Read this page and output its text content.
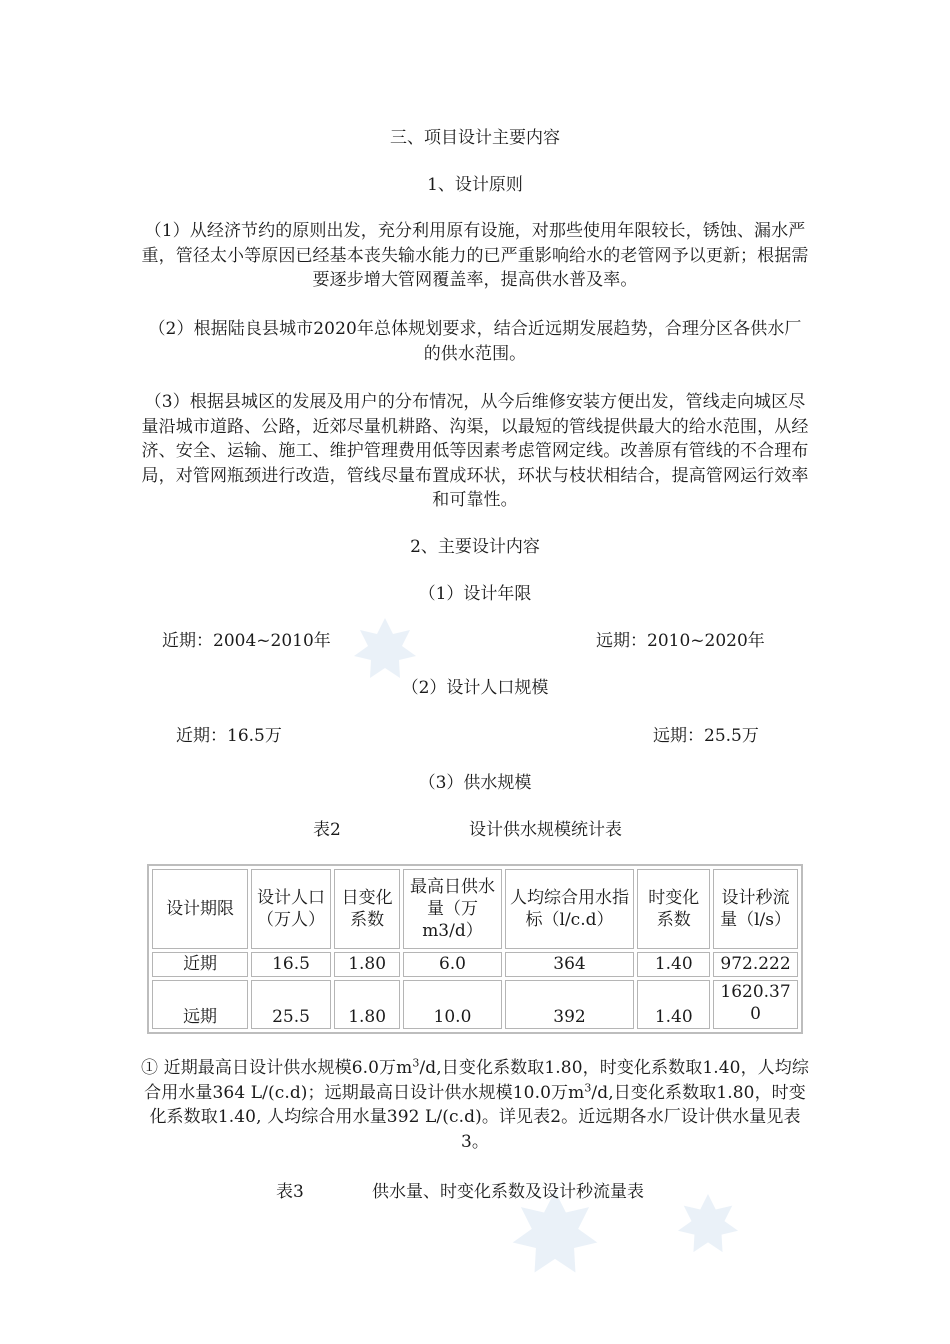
三、项目设计主要内容
1、设计原则
（1）从经济节约的原则出发，充分利用原有设施，对那些使用年限较长，锈蚀、漏水严重，管径太小等原因已经基本丧失输水能力的已严重影响给水的老管网予以更新；根据需要逐步增大管网覆盖率，提高供水普及率。
（2）根据陆良县城市2020年总体规划要求，结合近远期发展趋势，合理分区各供水厂的供水范围。
（3）根据县城区的发展及用户的分布情况，从今后维修安装方便出发，管线走向城区尽量沿城市道路、公路，近郊尽量机耕路、沟渠，以最短的管线提供最大的给水范围，从经济、安全、运输、施工、维护管理费用低等因素考虑管网定线。改善原有管线的不合理布局，对管网瓶颈进行改造，管线尽量布置成环状，环状与枝状相结合，提高管网运行效率和可靠性。
2、主要设计内容
（1）设计年限
近期：2004~2010年	远期：2010~2020年
（2）设计人口规模
近期：16.5万	远期：25.5万
（3）供水规模
表2	设计供水规模统计表
设计期限	设计人口（万人）	日变化系数	最高日供水量（万m3/d）	人均综合用水指标（l/c.d）	时变化系数	设计秒流量（l/s）
近期	16.5	1.80	6.0	364	1.40	972.222
远期	25.5	1.80	10.0	392	1.40	1620.370
① 近期最高日设计供水规模6.0万$m^3/d$,日变化系数取1.80，时变化系数取1.40，人均综合用水量364 L/(c.d)；远期最高日设计供水规模10.0万$m^3/d$,日变化系数取1.80，时变化系数取1.40, 人均综合用水量392 L/(c.d)。详见表2。近远期各水厂设计供水量见表3。
表3	供水量、时变化系数及设计秒流量表
